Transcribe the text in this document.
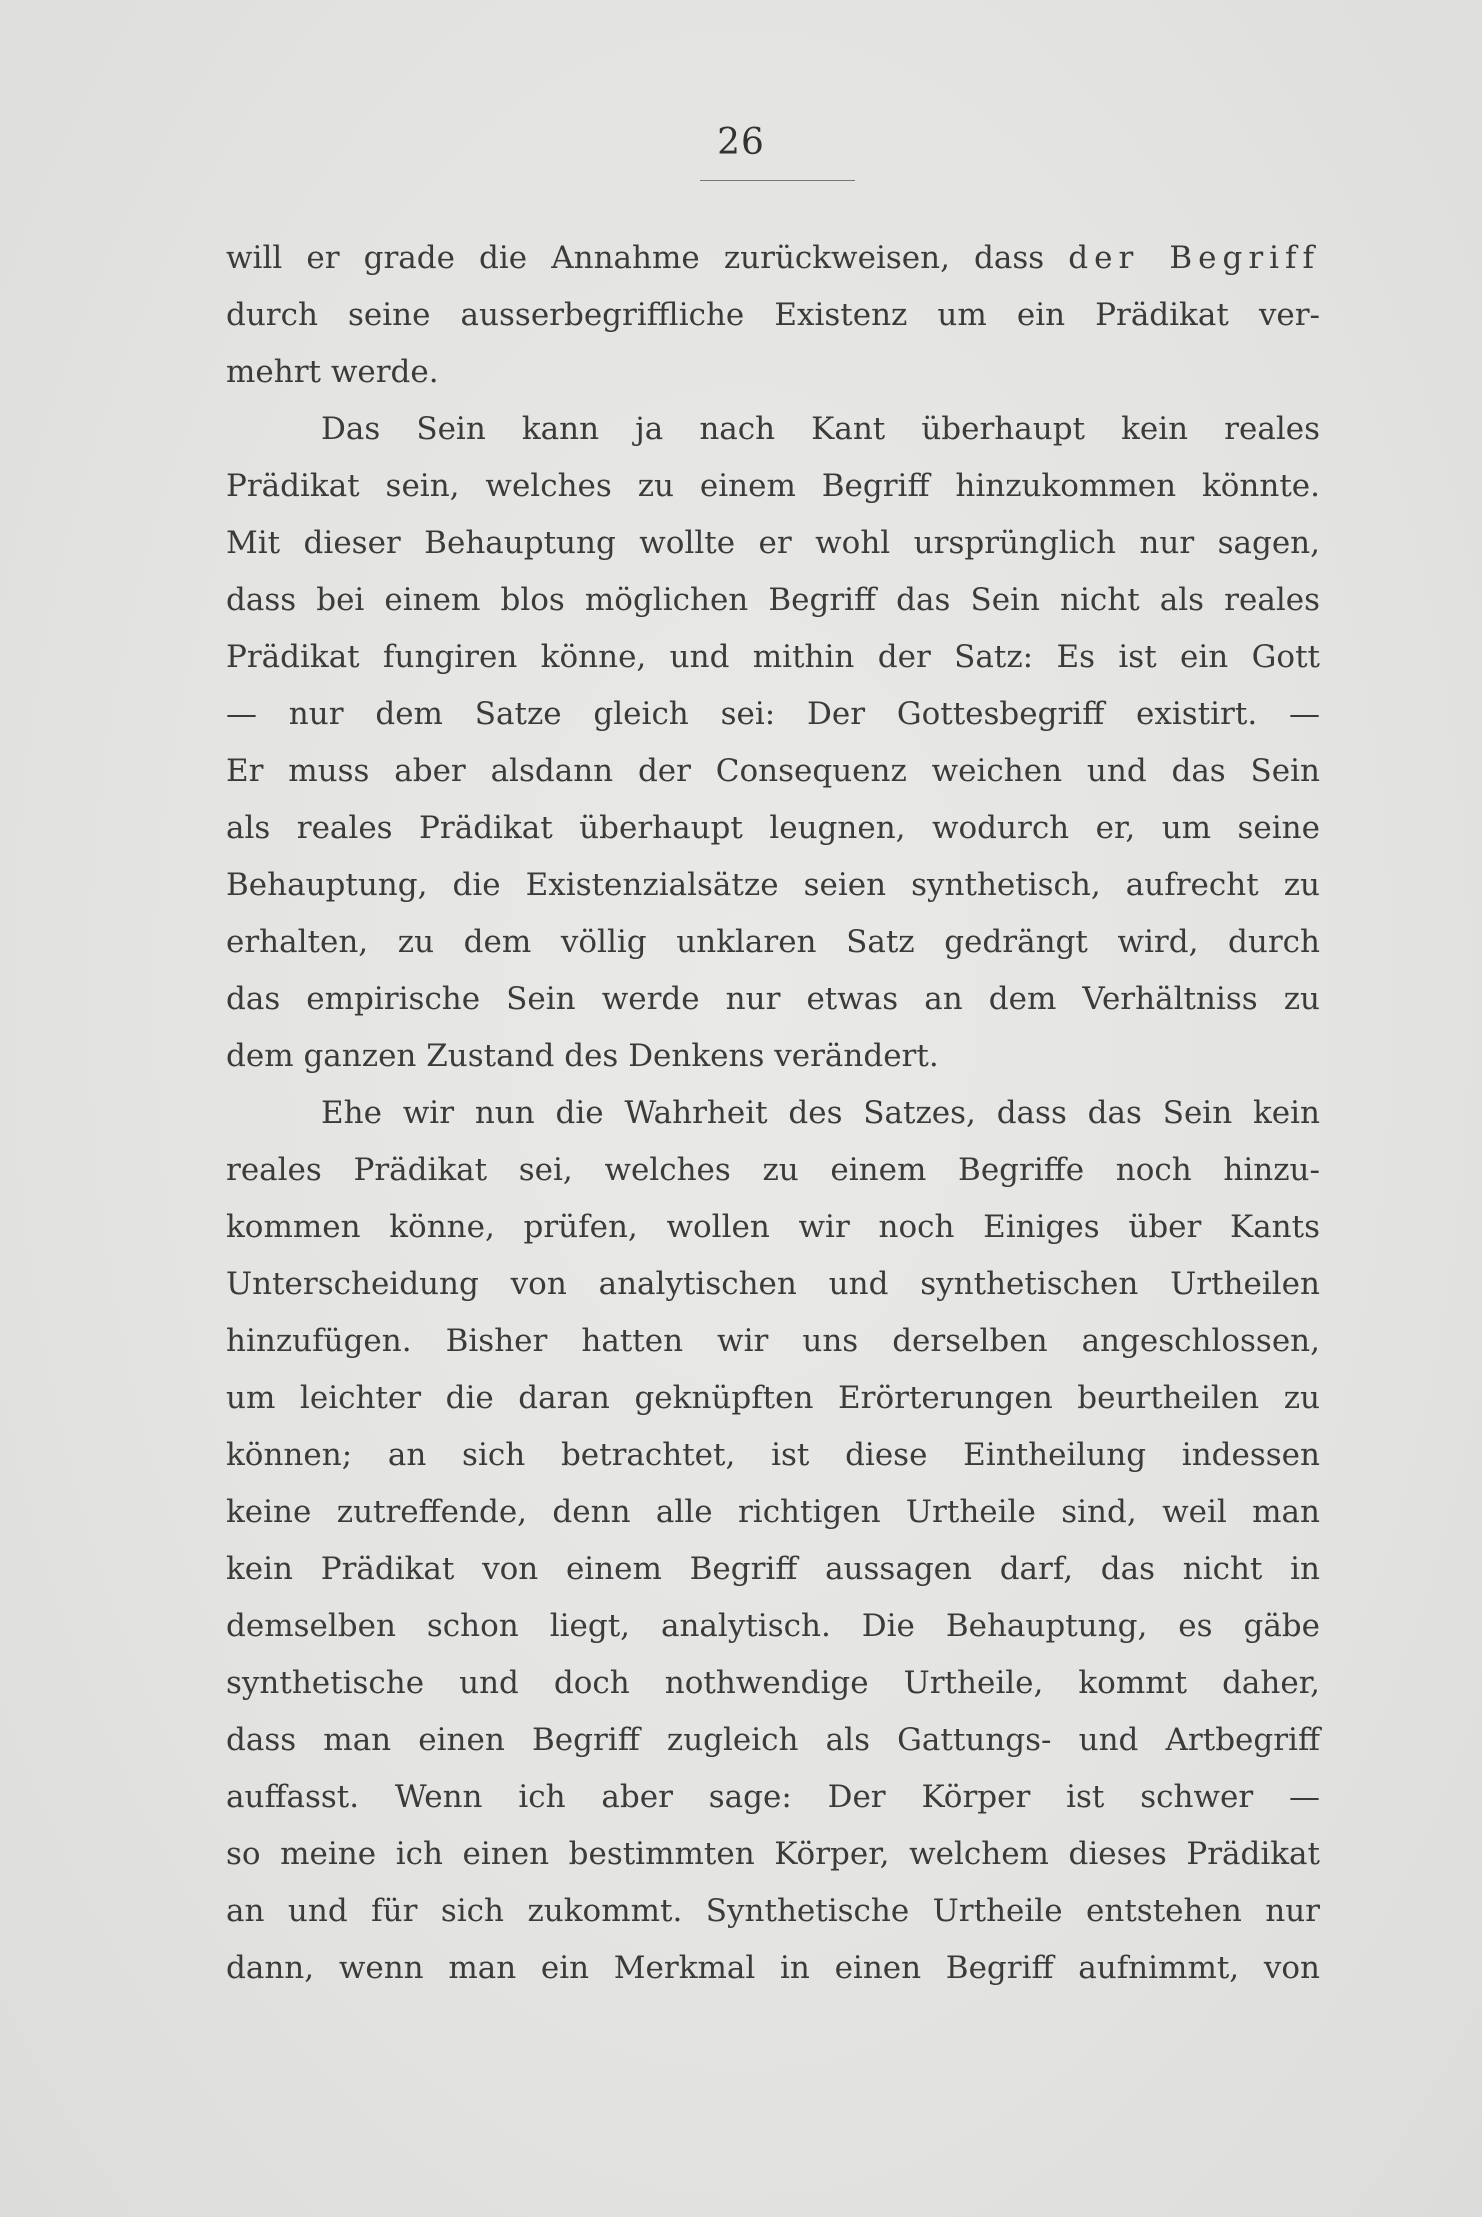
26
will er grade die Annahme zurückweisen, dass der Begriff
durch seine ausserbegriffliche Existenz um ein Prädikat ver-
mehrt werde.
Das Sein kann ja nach Kant überhaupt kein reales
Prädikat sein, welches zu einem Begriff hinzukommen könnte.
Mit dieser Behauptung wollte er wohl ursprünglich nur sagen,
dass bei einem blos möglichen Begriff das Sein nicht als reales
Prädikat fungiren könne, und mithin der Satz: Es ist ein Gott
— nur dem Satze gleich sei: Der Gottesbegriff existirt. —
Er muss aber alsdann der Consequenz weichen und das Sein
als reales Prädikat überhaupt leugnen, wodurch er, um seine
Behauptung, die Existenzialsätze seien synthetisch, aufrecht zu
erhalten, zu dem völlig unklaren Satz gedrängt wird, durch
das empirische Sein werde nur etwas an dem Verhältniss zu
dem ganzen Zustand des Denkens verändert.
Ehe wir nun die Wahrheit des Satzes, dass das Sein kein
reales Prädikat sei, welches zu einem Begriffe noch hinzu-
kommen könne, prüfen, wollen wir noch Einiges über Kants
Unterscheidung von analytischen und synthetischen Urtheilen
hinzufügen. Bisher hatten wir uns derselben angeschlossen,
um leichter die daran geknüpften Erörterungen beurtheilen zu
können; an sich betrachtet, ist diese Eintheilung indessen
keine zutreffende, denn alle richtigen Urtheile sind, weil man
kein Prädikat von einem Begriff aussagen darf, das nicht in
demselben schon liegt, analytisch. Die Behauptung, es gäbe
synthetische und doch nothwendige Urtheile, kommt daher,
dass man einen Begriff zugleich als Gattungs- und Artbegriff
auffasst. Wenn ich aber sage: Der Körper ist schwer —
so meine ich einen bestimmten Körper, welchem dieses Prädikat
an und für sich zukommt. Synthetische Urtheile entstehen nur
dann, wenn man ein Merkmal in einen Begriff aufnimmt, von
